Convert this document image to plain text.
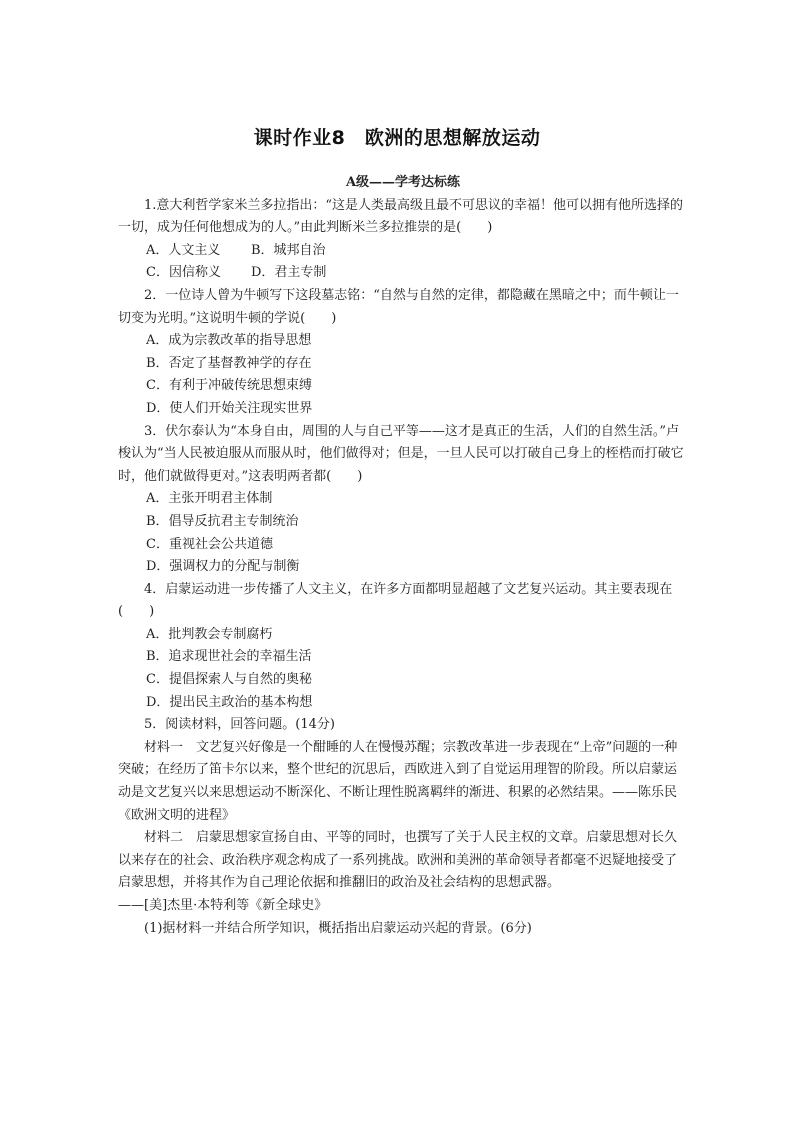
课时作业8　欧洲的思想解放运动

A级——学考达标练

1.意大利哲学家米兰多拉指出：“这是人类最高级且最不可思议的幸福！他可以拥有他所选择的一切，成为任何他想成为的人。”由此判断米兰多拉推崇的是(　　)

A．人文主义 B．城邦自治

C．因信称义 D．君主专制

2．一位诗人曾为牛顿写下这段墓志铭：“自然与自然的定律，都隐藏在黑暗之中；而牛顿让一切变为光明。”这说明牛顿的学说(　　)

A．成为宗教改革的指导思想

B．否定了基督教神学的存在

C．有利于冲破传统思想束缚

D．使人们开始关注现实世界

3．伏尔泰认为“本身自由，周围的人与自己平等——这才是真正的生活，人们的自然生活。”卢梭认为“当人民被迫服从而服从时，他们做得对；但是，一旦人民可以打破自己身上的桎梏而打破它时，他们就做得更对。”这表明两者都(　　)

A．主张开明君主体制

B．倡导反抗君主专制统治

C．重视社会公共道德

D．强调权力的分配与制衡

4．启蒙运动进一步传播了人文主义，在许多方面都明显超越了文艺复兴运动。其主要表现在(　　)

A．批判教会专制腐朽

B．追求现世社会的幸福生活

C．提倡探索人与自然的奥秘

D．提出民主政治的基本构想

5．阅读材料，回答问题。(14分)

材料一　文艺复兴好像是一个酣睡的人在慢慢苏醒；宗教改革进一步表现在“上帝”问题的一种突破；在经历了笛卡尔以来，整个世纪的沉思后，西欧进入到了自觉运用理智的阶段。所以启蒙运动是文艺复兴以来思想运动不断深化、不断让理性脱离羁绊的渐进、积累的必然结果。——陈乐民《欧洲文明的进程》

材料二　启蒙思想家宣扬自由、平等的同时，也撰写了关于人民主权的文章。启蒙思想对长久以来存在的社会、政治秩序观念构成了一系列挑战。欧洲和美洲的革命领导者都毫不迟疑地接受了启蒙思想，并将其作为自己理论依据和推翻旧的政治及社会结构的思想武器。

——[美]杰里·本特利等《新全球史》

(1)据材料一并结合所学知识，概括指出启蒙运动兴起的背景。(6分)
